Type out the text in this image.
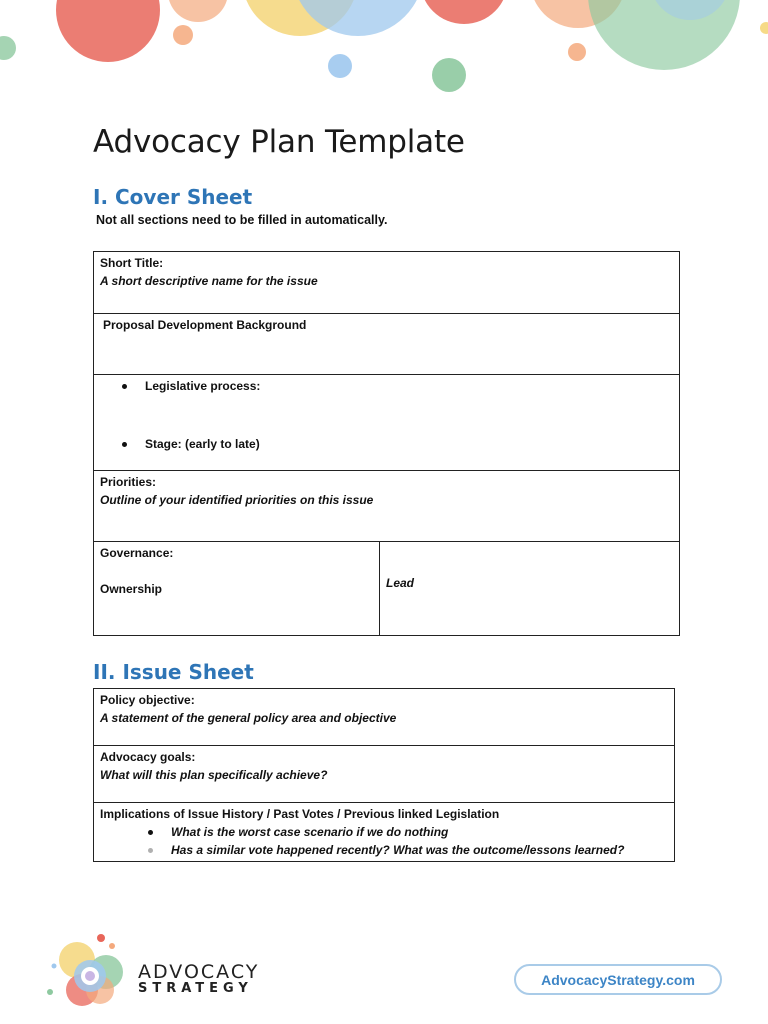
Advocacy Plan Template
I. Cover Sheet

Not all sections need to be filled in automatically.

Short Title:
A short descriptive name for the issue

Proposal Development Background

Legislative process:
Stage: (early to late)

Priorities:
Outline of your identified priorities on this issue

Governance:
Ownership	Lead
II. Issue Sheet
Policy objective:
A statement of the general policy area and objective

Advocacy goals:
What will this plan specifically achieve?

Implications of Issue History / Past Votes / Previous linked Legislation
What is the worst case scenario if we do nothing
Has a similar vote happened recently? What was the outcome/lessons learned?
ADVOCACY
STRATEGY
AdvocacyStrategy.com
